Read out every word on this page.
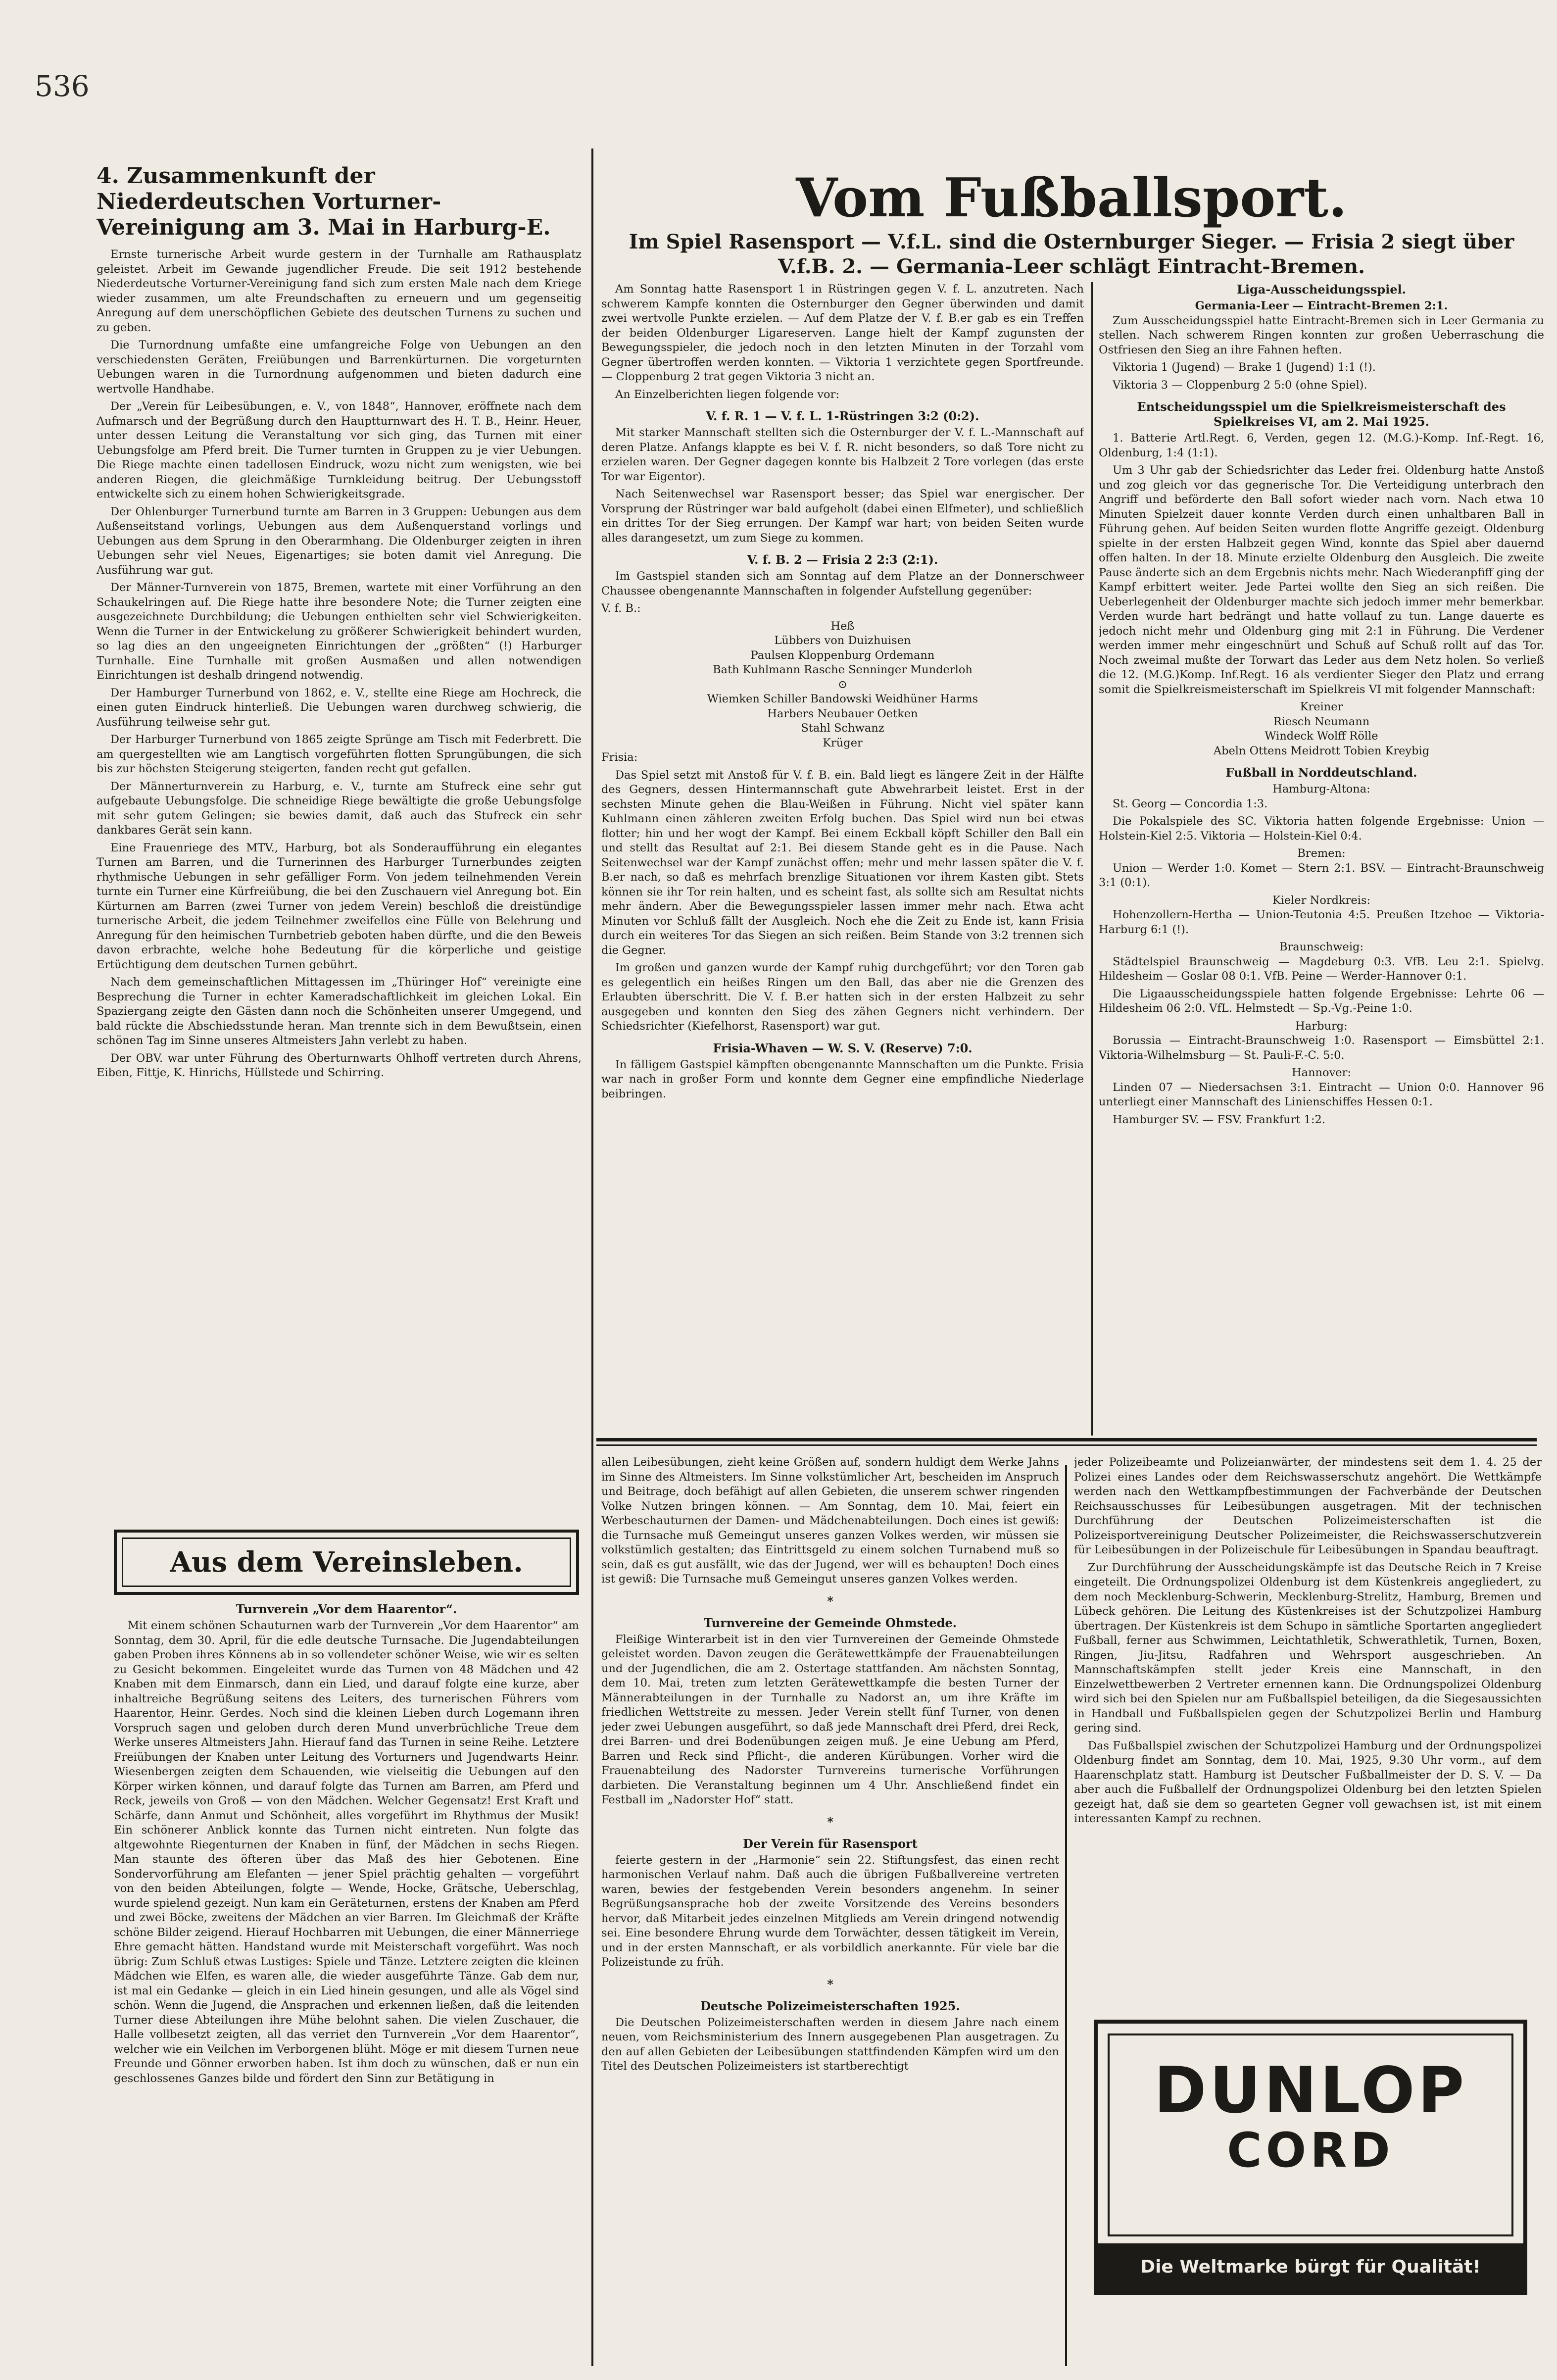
536
4. Zusammenkunft der Niederdeutschen Vorturner-Vereinigung am 3. Mai in Harburg-E.

Ernste turnerische Arbeit wurde gestern in der Turnhalle am Rathausplatz geleistet. Arbeit im Gewande jugendlicher Freude. Die seit 1912 bestehende Niederdeutsche Vorturner-Vereinigung fand sich zum ersten Male nach dem Kriege wieder zusammen, um alte Freundschaften zu erneuern und um gegenseitig Anregung auf dem unerschöpflichen Gebiete des deutschen Turnens zu suchen und zu geben.

Die Turnordnung umfaßte eine umfangreiche Folge von Uebungen an den verschiedensten Geräten, Freiübungen und Barrenkürturnen. Die vorgeturnten Uebungen waren in die Turnordnung aufgenommen und bieten dadurch eine wertvolle Handhabe.

Der „Verein für Leibesübungen, e. V., von 1848“, Hannover, eröffnete nach dem Aufmarsch und der Begrüßung durch den Hauptturnwart des H. T. B., Heinr. Heuer, unter dessen Leitung die Veranstaltung vor sich ging, das Turnen mit einer Uebungsfolge am Pferd breit. Die Turner turnten in Gruppen zu je vier Uebungen. Die Riege machte einen tadellosen Eindruck, wozu nicht zum wenigsten, wie bei anderen Riegen, die gleichmäßige Turnkleidung beitrug. Der Uebungsstoff entwickelte sich zu einem hohen Schwierigkeitsgrade.

Der Ohlenburger Turnerbund turnte am Barren in 3 Gruppen: Uebungen aus dem Außenseitstand vorlings, Uebungen aus dem Außenquerstand vorlings und Uebungen aus dem Sprung in den Oberarmhang. Die Oldenburger zeigten in ihren Uebungen sehr viel Neues, Eigenartiges; sie boten damit viel Anregung. Die Ausführung war gut.

Der Männer-Turnverein von 1875, Bremen, wartete mit einer Vorführung an den Schaukelringen auf. Die Riege hatte ihre besondere Note; die Turner zeigten eine ausgezeichnete Durchbildung; die Uebungen enthielten sehr viel Schwierigkeiten. Wenn die Turner in der Entwickelung zu größerer Schwierigkeit behindert wurden, so lag dies an den ungeeigneten Einrichtungen der „größten“ (!) Harburger Turnhalle. Eine Turnhalle mit großen Ausmaßen und allen notwendigen Einrichtungen ist deshalb dringend notwendig.

Der Hamburger Turnerbund von 1862, e. V., stellte eine Riege am Hochreck, die einen guten Eindruck hinterließ. Die Uebungen waren durchweg schwierig, die Ausführung teilweise sehr gut.

Der Harburger Turnerbund von 1865 zeigte Sprünge am Tisch mit Federbrett. Die am quergestellten wie am Langtisch vorgeführten flotten Sprungübungen, die sich bis zur höchsten Steigerung steigerten, fanden recht gut gefallen.

Der Männerturnverein zu Harburg, e. V., turnte am Stufreck eine sehr gut aufgebaute Uebungsfolge. Die schneidige Riege bewältigte die große Uebungsfolge mit sehr gutem Gelingen; sie bewies damit, daß auch das Stufreck ein sehr dankbares Gerät sein kann.

Eine Frauenriege des MTV., Harburg, bot als Sonderaufführung ein elegantes Turnen am Barren, und die Turnerinnen des Harburger Turnerbundes zeigten rhythmische Uebungen in sehr gefälliger Form. Von jedem teilnehmenden Verein turnte ein Turner eine Kürfreiübung, die bei den Zuschauern viel Anregung bot. Ein Kürturnen am Barren (zwei Turner von jedem Verein) beschloß die dreistündige turnerische Arbeit, die jedem Teilnehmer zweifellos eine Fülle von Belehrung und Anregung für den heimischen Turnbetrieb geboten haben dürfte, und die den Beweis davon erbrachte, welche hohe Bedeutung für die körperliche und geistige Ertüchtigung dem deutschen Turnen gebührt.

Nach dem gemeinschaftlichen Mittagessen im „Thüringer Hof“ vereinigte eine Besprechung die Turner in echter Kameradschaftlichkeit im gleichen Lokal. Ein Spaziergang zeigte den Gästen dann noch die Schönheiten unserer Umgegend, und bald rückte die Abschiedsstunde heran. Man trennte sich in dem Bewußtsein, einen schönen Tag im Sinne unseres Altmeisters Jahn verlebt zu haben.

Der OBV. war unter Führung des Oberturnwarts Ohlhoff vertreten durch Ahrens, Eiben, Fittje, K. Hinrichs, Hüllstede und Schirring.

Aus dem Vereinsleben.
Turnverein „Vor dem Haarentor“.

Mit einem schönen Schauturnen warb der Turnverein „Vor dem Haarentor“ am Sonntag, dem 30. April, für die edle deutsche Turnsache. Die Jugendabteilungen gaben Proben ihres Könnens ab in so vollendeter schöner Weise, wie wir es selten zu Gesicht bekommen. Eingeleitet wurde das Turnen von 48 Mädchen und 42 Knaben mit dem Einmarsch, dann ein Lied, und darauf folgte eine kurze, aber inhaltreiche Begrüßung seitens des Leiters, des turnerischen Führers vom Haarentor, Heinr. Gerdes. Noch sind die kleinen Lieben durch Logemann ihren Vorspruch sagen und geloben durch deren Mund unverbrüchliche Treue dem Werke unseres Altmeisters Jahn. Hierauf fand das Turnen in seine Reihe. Letztere Freiübungen der Knaben unter Leitung des Vorturners und Jugendwarts Heinr. Wiesenbergen zeigten dem Schauenden, wie vielseitig die Uebungen auf den Körper wirken können, und darauf folgte das Turnen am Barren, am Pferd und Reck, jeweils von Groß — von den Mädchen. Welcher Gegensatz! Erst Kraft und Schärfe, dann Anmut und Schönheit, alles vorgeführt im Rhythmus der Musik! Ein schönerer Anblick konnte das Turnen nicht eintreten. Nun folgte das altgewohnte Riegenturnen der Knaben in fünf, der Mädchen in sechs Riegen. Man staunte des öfteren über das Maß des hier Gebotenen. Eine Sondervorführung am Elefanten — jener Spiel prächtig gehalten — vorgeführt von den beiden Abteilungen, folgte — Wende, Hocke, Grätsche, Ueberschlag, wurde spielend gezeigt. Nun kam ein Geräteturnen, erstens der Knaben am Pferd und zwei Böcke, zweitens der Mädchen an vier Barren. Im Gleichmaß der Kräfte schöne Bilder zeigend. Hierauf Hochbarren mit Uebungen, die einer Männerriege Ehre gemacht hätten. Handstand wurde mit Meisterschaft vorgeführt. Was noch übrig: Zum Schluß etwas Lustiges: Spiele und Tänze. Letztere zeigten die kleinen Mädchen wie Elfen, es waren alle, die wieder ausgeführte Tänze. Gab dem nur, ist mal ein Gedanke — gleich in ein Lied hinein gesungen, und alle als Vögel sind schön. Wenn die Jugend, die Ansprachen und erkennen ließen, daß die leitenden Turner diese Abteilungen ihre Mühe belohnt sahen. Die vielen Zuschauer, die Halle vollbesetzt zeigten, all das verriet den Turnverein „Vor dem Haarentor“, welcher wie ein Veilchen im Verborgenen blüht. Möge er mit diesem Turnen neue Freunde und Gönner erworben haben. Ist ihm doch zu wünschen, daß er nun ein geschlossenes Ganzes bilde und fördert den Sinn zur Betätigung in

Vom Fußballsport.
Im Spiel Rasensport — V.f.L. sind die Osternburger Sieger. — Frisia 2 siegt über V.f.B. 2. — Germania-Leer schlägt Eintracht-Bremen.

Am Sonntag hatte Rasensport 1 in Rüstringen gegen V. f. L. anzutreten. Nach schwerem Kampfe konnten die Osternburger den Gegner überwinden und damit zwei wertvolle Punkte erzielen. — Auf dem Platze der V. f. B.er gab es ein Treffen der beiden Oldenburger Ligareserven. Lange hielt der Kampf zugunsten der Bewegungsspieler, die jedoch noch in den letzten Minuten in der Torzahl vom Gegner übertroffen werden konnten. — Viktoria 1 verzichtete gegen Sportfreunde. — Cloppenburg 2 trat gegen Viktoria 3 nicht an.

An Einzelberichten liegen folgende vor:

V. f. R. 1 — V. f. L. 1-Rüstringen 3:2 (0:2).

Mit starker Mannschaft stellten sich die Osternburger der V. f. L.-Mannschaft auf deren Platze. Anfangs klappte es bei V. f. R. nicht besonders, so daß Tore nicht zu erzielen waren. Der Gegner dagegen konnte bis Halbzeit 2 Tore vorlegen (das erste Tor war Eigentor).

Nach Seitenwechsel war Rasensport besser; das Spiel war energischer. Der Vorsprung der Rüstringer war bald aufgeholt (dabei einen Elfmeter), und schließlich ein drittes Tor der Sieg errungen. Der Kampf war hart; von beiden Seiten wurde alles darangesetzt, um zum Siege zu kommen.

V. f. B. 2 — Frisia 2 2:3 (2:1).

Im Gastspiel standen sich am Sonntag auf dem Platze an der Donnerschweer Chaussee obengenannte Mannschaften in folgender Aufstellung gegenüber:

V. f. B.:

Heß
Lübbers von Duizhuisen
Paulsen Kloppenburg Ordemann
Bath Kuhlmann Rasche Senninger Munderloh
⊙
Wiemken Schiller Bandowski Weidhüner Harms
Harbers Neubauer Oetken
Stahl Schwanz
Krüger

Frisia:

Das Spiel setzt mit Anstoß für V. f. B. ein. Bald liegt es längere Zeit in der Hälfte des Gegners, dessen Hintermannschaft gute Abwehrarbeit leistet. Erst in der sechsten Minute gehen die Blau-Weißen in Führung. Nicht viel später kann Kuhlmann einen zähleren zweiten Erfolg buchen. Das Spiel wird nun bei etwas flotter; hin und her wogt der Kampf. Bei einem Eckball köpft Schiller den Ball ein und stellt das Resultat auf 2:1. Bei diesem Stande geht es in die Pause. Nach Seitenwechsel war der Kampf zunächst offen; mehr und mehr lassen später die V. f. B.er nach, so daß es mehrfach brenzlige Situationen vor ihrem Kasten gibt. Stets können sie ihr Tor rein halten, und es scheint fast, als sollte sich am Resultat nichts mehr ändern. Aber die Bewegungsspieler lassen immer mehr nach. Etwa acht Minuten vor Schluß fällt der Ausgleich. Noch ehe die Zeit zu Ende ist, kann Frisia durch ein weiteres Tor das Siegen an sich reißen. Beim Stande von 3:2 trennen sich die Gegner.

Im großen und ganzen wurde der Kampf ruhig durchgeführt; vor den Toren gab es gelegentlich ein heißes Ringen um den Ball, das aber nie die Grenzen des Erlaubten überschritt. Die V. f. B.er hatten sich in der ersten Halbzeit zu sehr ausgegeben und konnten den Sieg des zähen Gegners nicht verhindern. Der Schiedsrichter (Kiefelhorst, Rasensport) war gut.

Frisia-Whaven — W. S. V. (Reserve) 7:0.

In fälligem Gastspiel kämpften obengenannte Mannschaften um die Punkte. Frisia war nach in großer Form und konnte dem Gegner eine empfindliche Niederlage beibringen.

Liga-Ausscheidungsspiel.
Germania-Leer — Eintracht-Bremen 2:1.

Zum Ausscheidungsspiel hatte Eintracht-Bremen sich in Leer Germania zu stellen. Nach schwerem Ringen konnten zur großen Ueberraschung die Ostfriesen den Sieg an ihre Fahnen heften.

Viktoria 1 (Jugend) — Brake 1 (Jugend) 1:1 (!).

Viktoria 3 — Cloppenburg 2 5:0 (ohne Spiel).

Entscheidungsspiel um die Spielkreismeisterschaft des Spielkreises VI, am 2. Mai 1925.

1. Batterie Artl.Regt. 6, Verden, gegen 12. (M.G.)-Komp. Inf.-Regt. 16, Oldenburg, 1:4 (1:1).

Um 3 Uhr gab der Schiedsrichter das Leder frei. Oldenburg hatte Anstoß und zog gleich vor das gegnerische Tor. Die Verteidigung unterbrach den Angriff und beförderte den Ball sofort wieder nach vorn. Nach etwa 10 Minuten Spielzeit dauer konnte Verden durch einen unhaltbaren Ball in Führung gehen. Auf beiden Seiten wurden flotte Angriffe gezeigt. Oldenburg spielte in der ersten Halbzeit gegen Wind, konnte das Spiel aber dauernd offen halten. In der 18. Minute erzielte Oldenburg den Ausgleich. Die zweite Pause änderte sich an dem Ergebnis nichts mehr. Nach Wiederanpfiff ging der Kampf erbittert weiter. Jede Partei wollte den Sieg an sich reißen. Die Ueberlegenheit der Oldenburger machte sich jedoch immer mehr bemerkbar. Verden wurde hart bedrängt und hatte vollauf zu tun. Lange dauerte es jedoch nicht mehr und Oldenburg ging mit 2:1 in Führung. Die Verdener werden immer mehr eingeschnürt und Schuß auf Schuß rollt auf das Tor. Noch zweimal mußte der Torwart das Leder aus dem Netz holen. So verließ die 12. (M.G.)Komp. Inf.Regt. 16 als verdienter Sieger den Platz und errang somit die Spielkreismeisterschaft im Spielkreis VI mit folgender Mannschaft:

Kreiner
Riesch Neumann
Windeck Wolff Rölle
Abeln Ottens Meidrott Tobien Kreybig
Fußball in Norddeutschland.
Hamburg-Altona:

St. Georg — Concordia 1:3.

Die Pokalspiele des SC. Viktoria hatten folgende Ergebnisse: Union — Holstein-Kiel 2:5. Viktoria — Holstein-Kiel 0:4.

Bremen:

Union — Werder 1:0. Komet — Stern 2:1. BSV. — Eintracht-Braunschweig 3:1 (0:1).

Kieler Nordkreis:

Hohenzollern-Hertha — Union-Teutonia 4:5. Preußen Itzehoe — Viktoria-Harburg 6:1 (!).

Braunschweig:

Städtelspiel Braunschweig — Magdeburg 0:3. VfB. Leu 2:1. Spielvg. Hildesheim — Goslar 08 0:1. VfB. Peine — Werder-Hannover 0:1.

Die Ligaausscheidungsspiele hatten folgende Ergebnisse: Lehrte 06 — Hildesheim 06 2:0. VfL. Helmstedt — Sp.-Vg.-Peine 1:0.

Harburg:

Borussia — Eintracht-Braunschweig 1:0. Rasensport — Eimsbüttel 2:1. Viktoria-Wilhelmsburg — St. Pauli-F.-C. 5:0.

Hannover:

Linden 07 — Niedersachsen 3:1. Eintracht — Union 0:0. Hannover 96 unterliegt einer Mannschaft des Linienschiffes Hessen 0:1.

Hamburger SV. — FSV. Frankfurt 1:2.

allen Leibesübungen, zieht keine Größen auf, sondern huldigt dem Werke Jahns im Sinne des Altmeisters. Im Sinne volkstümlicher Art, bescheiden im Anspruch und Beitrage, doch befähigt auf allen Gebieten, die unserem schwer ringenden Volke Nutzen bringen können. — Am Sonntag, dem 10. Mai, feiert ein Werbeschauturnen der Damen- und Mädchenabteilungen. Doch eines ist gewiß: die Turnsache muß Gemeingut unseres ganzen Volkes werden, wir müssen sie volkstümlich gestalten; das Eintrittsgeld zu einem solchen Turnabend muß so sein, daß es gut ausfällt, wie das der Jugend, wer will es behaupten! Doch eines ist gewiß: Die Turnsache muß Gemeingut unseres ganzen Volkes werden.

*
Turnvereine der Gemeinde Ohmstede.

Fleißige Winterarbeit ist in den vier Turnvereinen der Gemeinde Ohmstede geleistet worden. Davon zeugen die Gerätewettkämpfe der Frauenabteilungen und der Jugendlichen, die am 2. Ostertage stattfanden. Am nächsten Sonntag, dem 10. Mai, treten zum letzten Gerätewettkampfe die besten Turner der Männerabteilungen in der Turnhalle zu Nadorst an, um ihre Kräfte im friedlichen Wettstreite zu messen. Jeder Verein stellt fünf Turner, von denen jeder zwei Uebungen ausgeführt, so daß jede Mannschaft drei Pferd, drei Reck, drei Barren- und drei Bodenübungen zeigen muß. Je eine Uebung am Pferd, Barren und Reck sind Pflicht-, die anderen Kürübungen. Vorher wird die Frauenabteilung des Nadorster Turnvereins turnerische Vorführungen darbieten. Die Veranstaltung beginnen um 4 Uhr. Anschließend findet ein Festball im „Nadorster Hof“ statt.

*
Der Verein für Rasensport

feierte gestern in der „Harmonie“ sein 22. Stiftungsfest, das einen recht harmonischen Verlauf nahm. Daß auch die übrigen Fußballvereine vertreten waren, bewies der festgebenden Verein besonders angenehm. In seiner Begrüßungsansprache hob der zweite Vorsitzende des Vereins besonders hervor, daß Mitarbeit jedes einzelnen Mitglieds am Verein dringend notwendig sei. Eine besondere Ehrung wurde dem Torwächter, dessen tätigkeit im Verein, und in der ersten Mannschaft, er als vorbildlich anerkannte. Für viele bar die Polizeistunde zu früh.

*
Deutsche Polizeimeisterschaften 1925.

Die Deutschen Polizeimeisterschaften werden in diesem Jahre nach einem neuen, vom Reichsministerium des Innern ausgegebenen Plan ausgetragen. Zu den auf allen Gebieten der Leibesübungen stattfindenden Kämpfen wird um den Titel des Deutschen Polizeimeisters ist startberechtigt

jeder Polizeibeamte und Polizeianwärter, der mindestens seit dem 1. 4. 25 der Polizei eines Landes oder dem Reichswasserschutz angehört. Die Wettkämpfe werden nach den Wettkampfbestimmungen der Fachverbände der Deutschen Reichsausschusses für Leibesübungen ausgetragen. Mit der technischen Durchführung der Deutschen Polizeimeisterschaften ist die Polizeisportvereinigung Deutscher Polizeimeister, die Reichswasserschutzverein für Leibesübungen in der Polizeischule für Leibesübungen in Spandau beauftragt.

Zur Durchführung der Ausscheidungskämpfe ist das Deutsche Reich in 7 Kreise eingeteilt. Die Ordnungspolizei Oldenburg ist dem Küstenkreis angegliedert, zu dem noch Mecklenburg-Schwerin, Mecklenburg-Strelitz, Hamburg, Bremen und Lübeck gehören. Die Leitung des Küstenkreises ist der Schutzpolizei Hamburg übertragen. Der Küstenkreis ist dem Schupo in sämtliche Sportarten angegliedert Fußball, ferner aus Schwimmen, Leichtathletik, Schwerathletik, Turnen, Boxen, Ringen, Jiu-Jitsu, Radfahren und Wehrsport ausgeschrieben. An Mannschaftskämpfen stellt jeder Kreis eine Mannschaft, in den Einzelwettbewerben 2 Vertreter ernennen kann. Die Ordnungspolizei Oldenburg wird sich bei den Spielen nur am Fußballspiel beteiligen, da die Siegesaussichten in Handball und Fußballspielen gegen der Schutzpolizei Berlin und Hamburg gering sind.

Das Fußballspiel zwischen der Schutzpolizei Hamburg und der Ordnungspolizei Oldenburg findet am Sonntag, dem 10. Mai, 1925, 9.30 Uhr vorm., auf dem Haarenschplatz statt. Hamburg ist Deutscher Fußballmeister der D. S. V. — Da aber auch die Fußballelf der Ordnungspolizei Oldenburg bei den letzten Spielen gezeigt hat, daß sie dem so gearteten Gegner voll gewachsen ist, ist mit einem interessanten Kampf zu rechnen.

DUNLOP
CORD
Die Weltmarke bürgt für Qualität!
